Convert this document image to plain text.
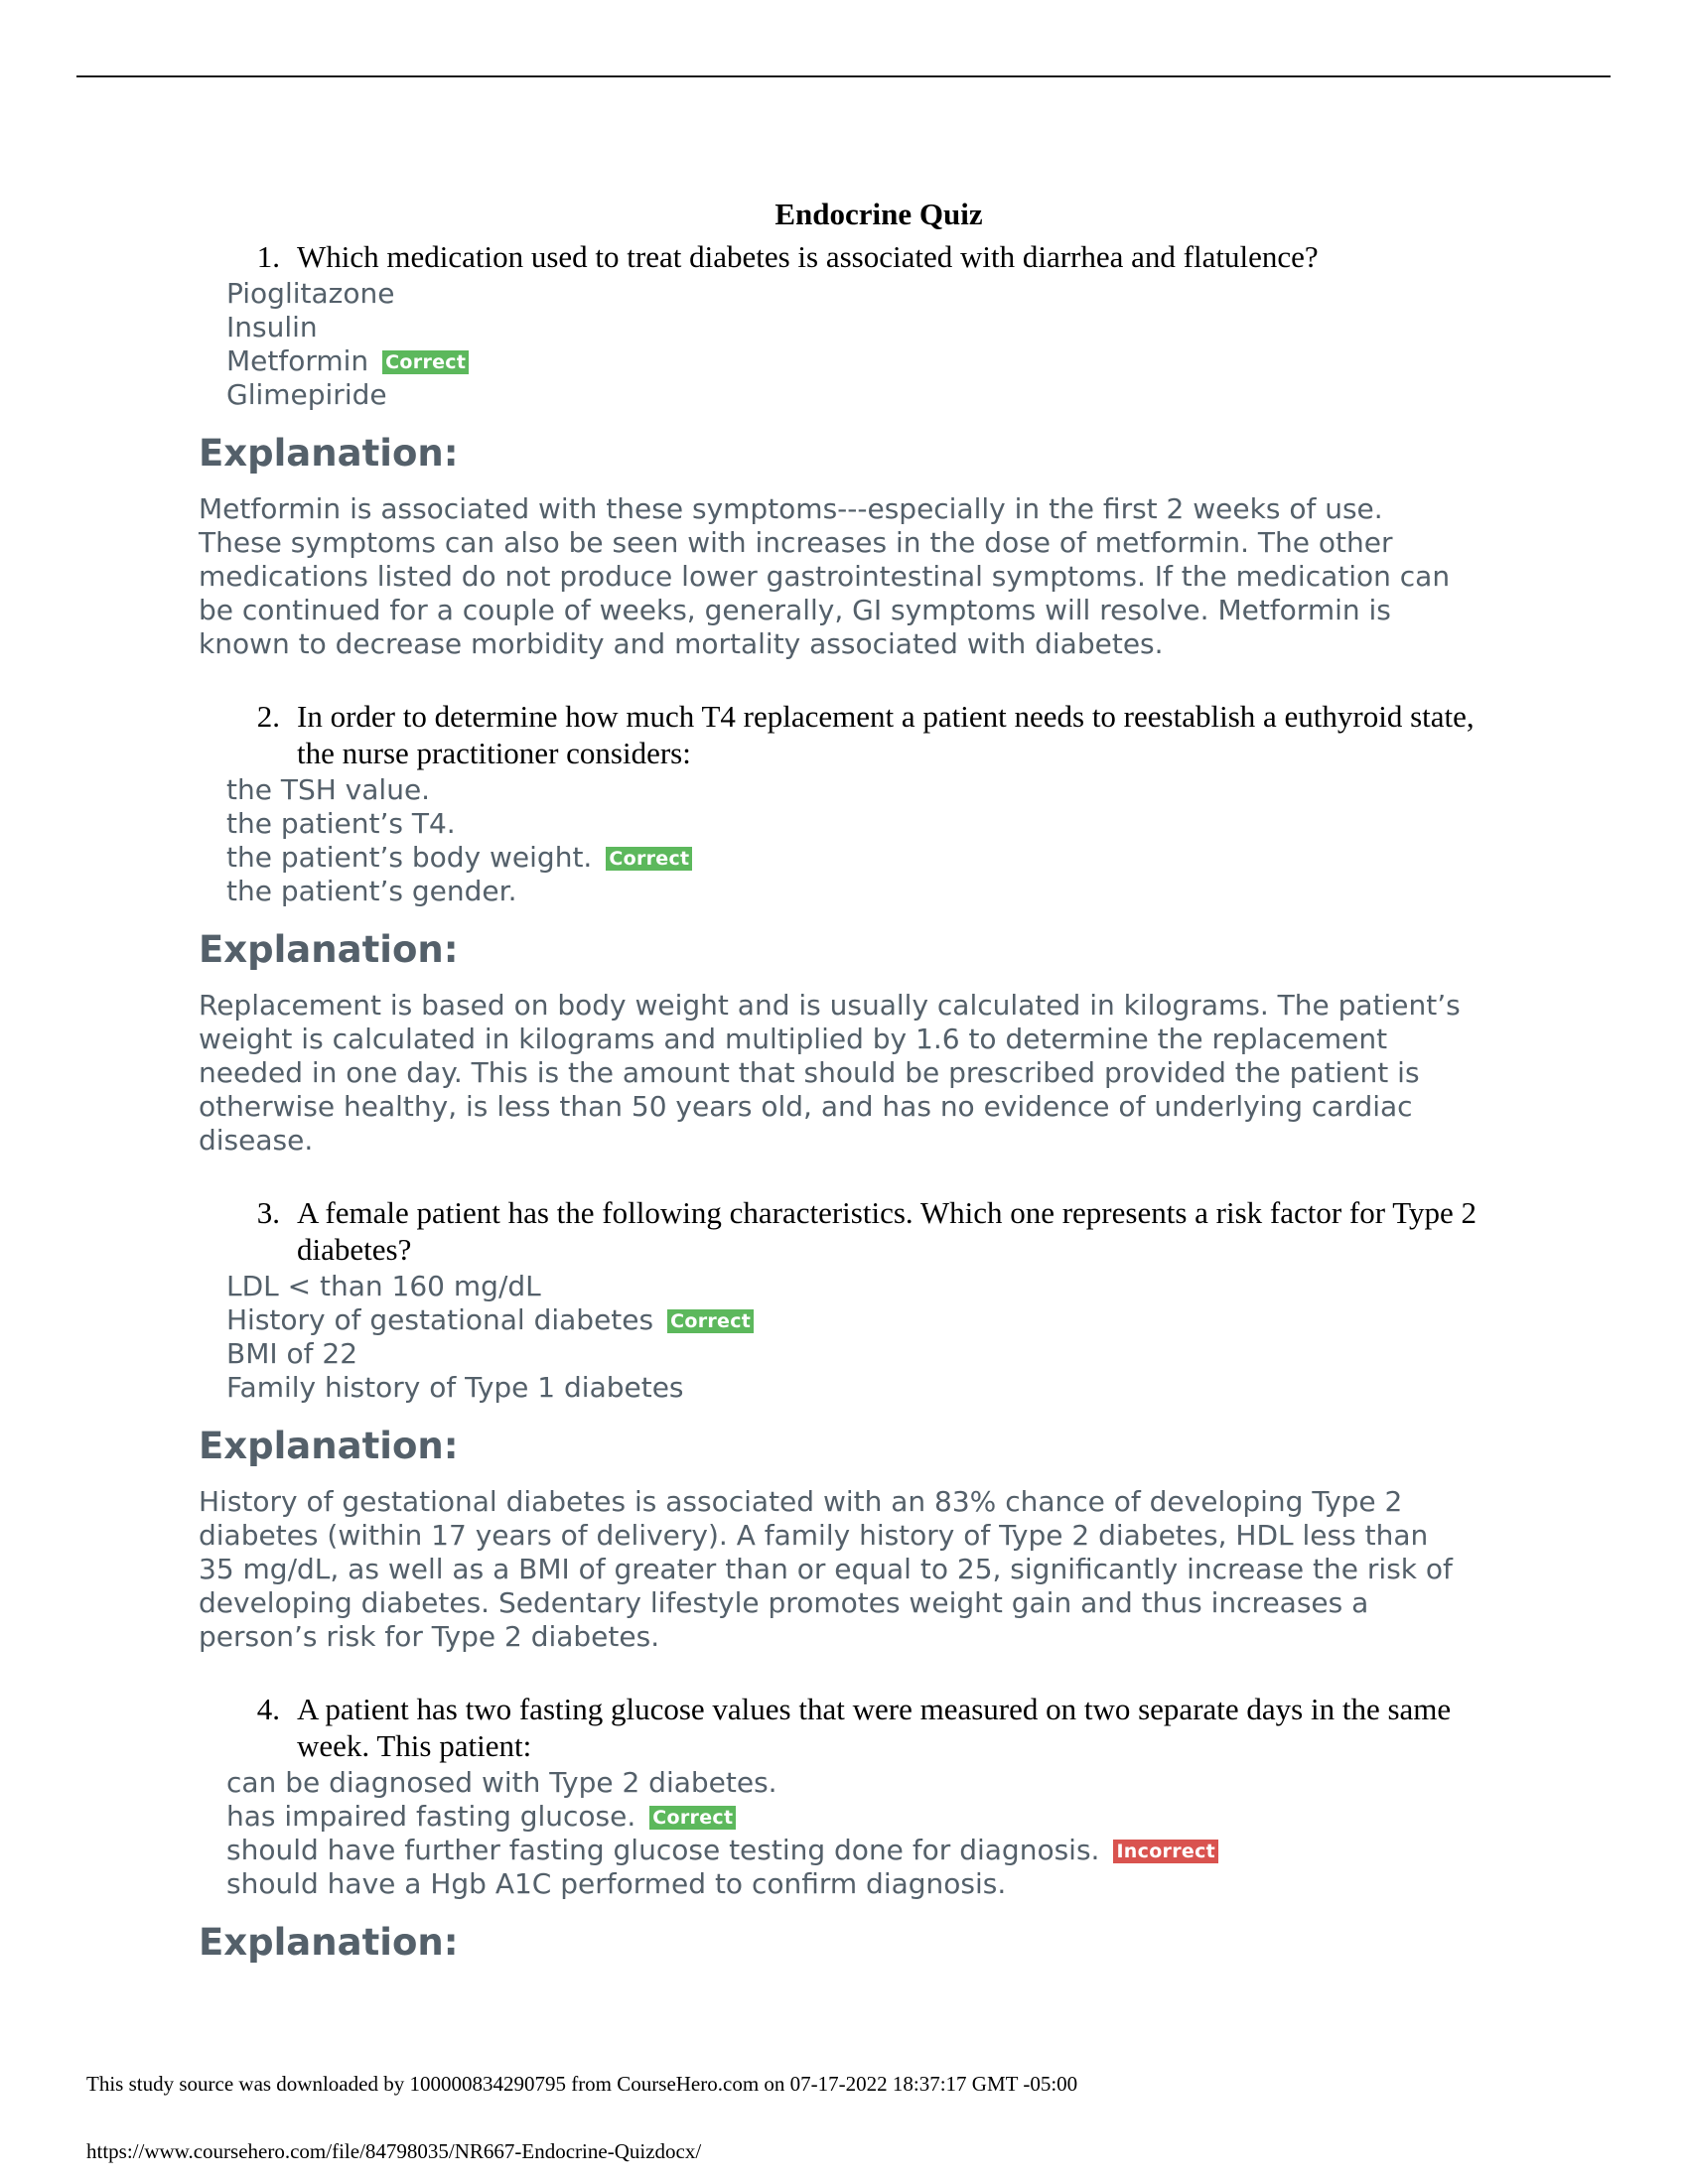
Endocrine Quiz
1. Which medication used to treat diabetes is associated with diarrhea and flatulence?
Pioglitazone
Insulin
Metformin Correct
Glimepiride
Explanation:
Metformin is associated with these symptoms---especially in the first 2 weeks of use. These symptoms can also be seen with increases in the dose of metformin. The other medications listed do not produce lower gastrointestinal symptoms. If the medication can be continued for a couple of weeks, generally, GI symptoms will resolve. Metformin is known to decrease morbidity and mortality associated with diabetes.
2. In order to determine how much T4 replacement a patient needs to reestablish a euthyroid state, the nurse practitioner considers:
the TSH value.
the patient’s T4.
the patient’s body weight. Correct
the patient’s gender.
Explanation:
Replacement is based on body weight and is usually calculated in kilograms. The patient’s weight is calculated in kilograms and multiplied by 1.6 to determine the replacement needed in one day. This is the amount that should be prescribed provided the patient is otherwise healthy, is less than 50 years old, and has no evidence of underlying cardiac disease.
3. A female patient has the following characteristics. Which one represents a risk factor for Type 2 diabetes?
LDL < than 160 mg/dL
History of gestational diabetes Correct
BMI of 22
Family history of Type 1 diabetes
Explanation:
History of gestational diabetes is associated with an 83% chance of developing Type 2 diabetes (within 17 years of delivery). A family history of Type 2 diabetes, HDL less than 35 mg/dL, as well as a BMI of greater than or equal to 25, significantly increase the risk of developing diabetes. Sedentary lifestyle promotes weight gain and thus increases a person’s risk for Type 2 diabetes.
4. A patient has two fasting glucose values that were measured on two separate days in the same week. This patient:
can be diagnosed with Type 2 diabetes.
has impaired fasting glucose. Correct
should have further fasting glucose testing done for diagnosis. Incorrect
should have a Hgb A1C performed to confirm diagnosis.
Explanation:
This study source was downloaded by 100000834290795 from CourseHero.com on 07-17-2022 18:37:17 GMT -05:00
https://www.coursehero.com/file/84798035/NR667-Endocrine-Quizdocx/
